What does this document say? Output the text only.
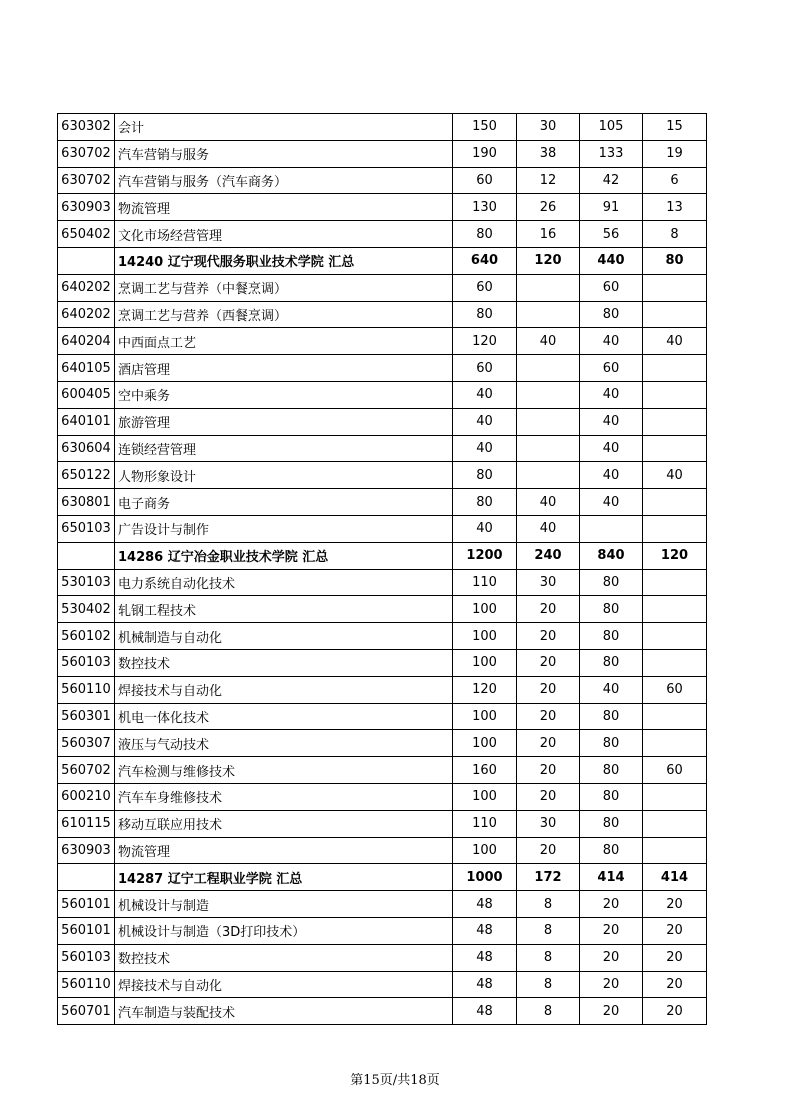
630302	会计	150	30	105	15
630702	汽车营销与服务	190	38	133	19
630702	汽车营销与服务（汽车商务）	60	12	42	6
630903	物流管理	130	26	91	13
650402	文化市场经营管理	80	16	56	8
	14240 辽宁现代服务职业技术学院 汇总	640	120	440	80
640202	烹调工艺与营养（中餐烹调）	60		60	
640202	烹调工艺与营养（西餐烹调）	80		80	
640204	中西面点工艺	120	40	40	40
640105	酒店管理	60		60	
600405	空中乘务	40		40	
640101	旅游管理	40		40	
630604	连锁经营管理	40		40	
650122	人物形象设计	80		40	40
630801	电子商务	80	40	40	
650103	广告设计与制作	40	40		
	14286 辽宁冶金职业技术学院 汇总	1200	240	840	120
530103	电力系统自动化技术	110	30	80	
530402	轧钢工程技术	100	20	80	
560102	机械制造与自动化	100	20	80	
560103	数控技术	100	20	80	
560110	焊接技术与自动化	120	20	40	60
560301	机电一体化技术	100	20	80	
560307	液压与气动技术	100	20	80	
560702	汽车检测与维修技术	160	20	80	60
600210	汽车车身维修技术	100	20	80	
610115	移动互联应用技术	110	30	80	
630903	物流管理	100	20	80	
	14287 辽宁工程职业学院 汇总	1000	172	414	414
560101	机械设计与制造	48	8	20	20
560101	机械设计与制造（3D打印技术）	48	8	20	20
560103	数控技术	48	8	20	20
560110	焊接技术与自动化	48	8	20	20
560701	汽车制造与装配技术	48	8	20	20
第15页/共18页
